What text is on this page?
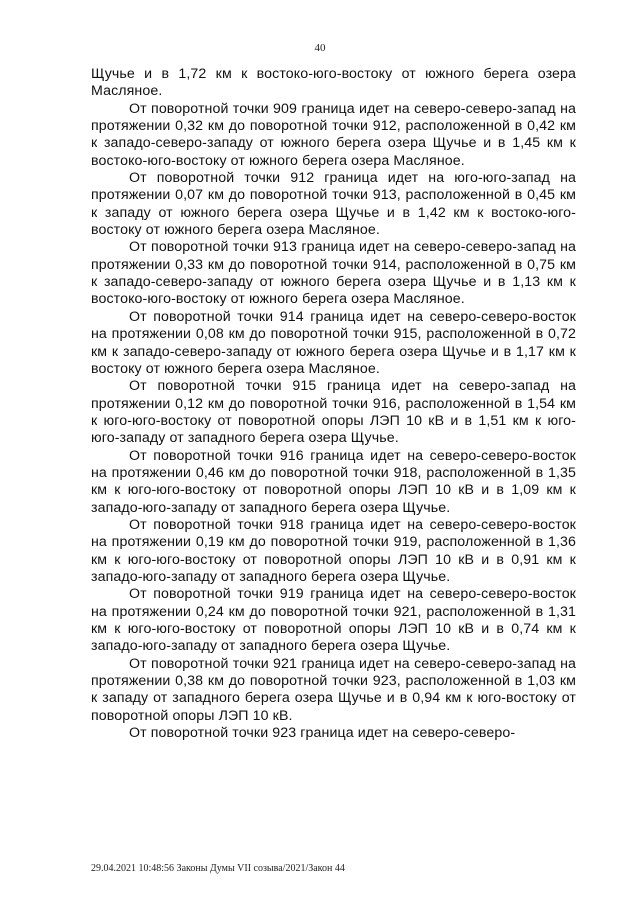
40

Щучье и в 1,72 км к востоко-юго-востоку от южного берега озера Масляное.

От поворотной точки 909 граница идет на северо-северо-запад на протяжении 0,32 км до поворотной точки 912, расположенной в 0,42 км к западо-северо-западу от южного берега озера Щучье и в 1,45 км к востоко-юго-востоку от южного берега озера Масляное.

От поворотной точки 912 граница идет на юго-юго-запад на протяжении 0,07 км до поворотной точки 913, расположенной в 0,45 км к западу от южного берега озера Щучье и в 1,42 км к востоко-юго-востоку от южного берега озера Масляное.

От поворотной точки 913 граница идет на северо-северо-запад на протяжении 0,33 км до поворотной точки 914, расположенной в 0,75 км к западо-северо-западу от южного берега озера Щучье и в 1,13 км к востоко-юго-востоку от южного берега озера Масляное.

От поворотной точки 914 граница идет на северо-северо-восток на протяжении 0,08 км до поворотной точки 915, расположенной в 0,72 км к западо-северо-западу от южного берега озера Щучье и в 1,17 км к востоку от южного берега озера Масляное.

От поворотной точки 915 граница идет на северо-запад на протяжении 0,12 км до поворотной точки 916, расположенной в 1,54 км к юго-юго-востоку от поворотной опоры ЛЭП 10 кВ и в 1,51 км к юго-юго-западу от западного берега озера Щучье.

От поворотной точки 916 граница идет на северо-северо-восток на протяжении 0,46 км до поворотной точки 918, расположенной в 1,35 км к юго-юго-востоку от поворотной опоры ЛЭП 10 кВ и в 1,09 км к западо-юго-западу от западного берега озера Щучье.

От поворотной точки 918 граница идет на северо-северо-восток на протяжении 0,19 км до поворотной точки 919, расположенной в 1,36 км к юго-юго-востоку от поворотной опоры ЛЭП 10 кВ и в 0,91 км к западо-юго-западу от западного берега озера Щучье.

От поворотной точки 919 граница идет на северо-северо-восток на протяжении 0,24 км до поворотной точки 921, расположенной в 1,31 км к юго-юго-востоку от поворотной опоры ЛЭП 10 кВ и в 0,74 км к западо-юго-западу от западного берега озера Щучье.

От поворотной точки 921 граница идет на северо-северо-запад на протяжении 0,38 км до поворотной точки 923, расположенной в 1,03 км к западу от западного берега озера Щучье и в 0,94 км к юго-востоку от поворотной опоры ЛЭП 10 кВ.

От поворотной точки 923 граница идет на северо-северо-

29.04.2021 10:48:56 Законы Думы VII созыва/2021/Закон 44
